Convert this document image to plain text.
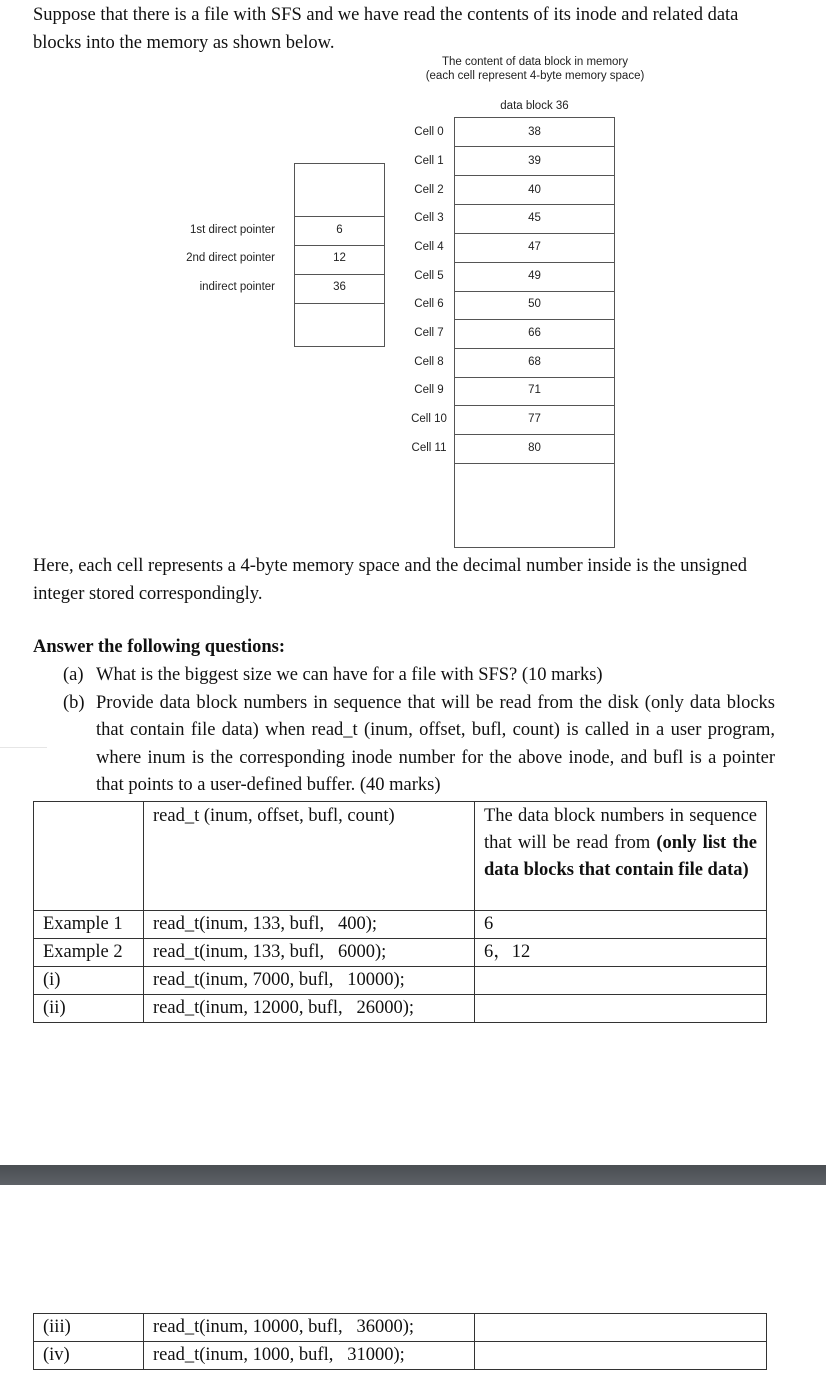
Suppose that there is a file with SFS and we have read the contents of its inode and related data blocks into the memory as shown below.

The content of data block in memory
(each cell represent 4-byte memory space)
data block 36
1st direct pointer
2nd direct pointer
indirect pointer
6
12
36
Cell 0
Cell 1
Cell 2
Cell 3
Cell 4
Cell 5
Cell 6
Cell 7
Cell 8
Cell 9
Cell 10
Cell 11
38
39
40
45
47
49
50
66
68
71
77
80

Here, each cell represents a 4-byte memory space and the decimal number inside is the unsigned integer stored correspondingly.

Answer the following questions:

(a) What is the biggest size we can have for a file with SFS? (10 marks)

(b) Provide data block numbers in sequence that will be read from the disk (only data blocks that contain file data) when read_t (inum, offset, bufl, count) is called in a user program, where inum is the corresponding inode number for the above inode, and bufl is a pointer that points to a user-defined buffer. (40 marks)

	read_t (inum, offset, bufl, count)	The data block numbers in sequence that will be read from (only list the data blocks that contain file data)
Example 1	read_t(inum, 133, bufl,   400);	6
Example 2	read_t(inum, 133, bufl,   6000);	6，12
(i)	read_t(inum, 7000, bufl,   10000);	
(ii)	read_t(inum, 12000, bufl,   26000);	
(iii)	read_t(inum, 10000, bufl,   36000);	
(iv)	read_t(inum, 1000, bufl,   31000);	
